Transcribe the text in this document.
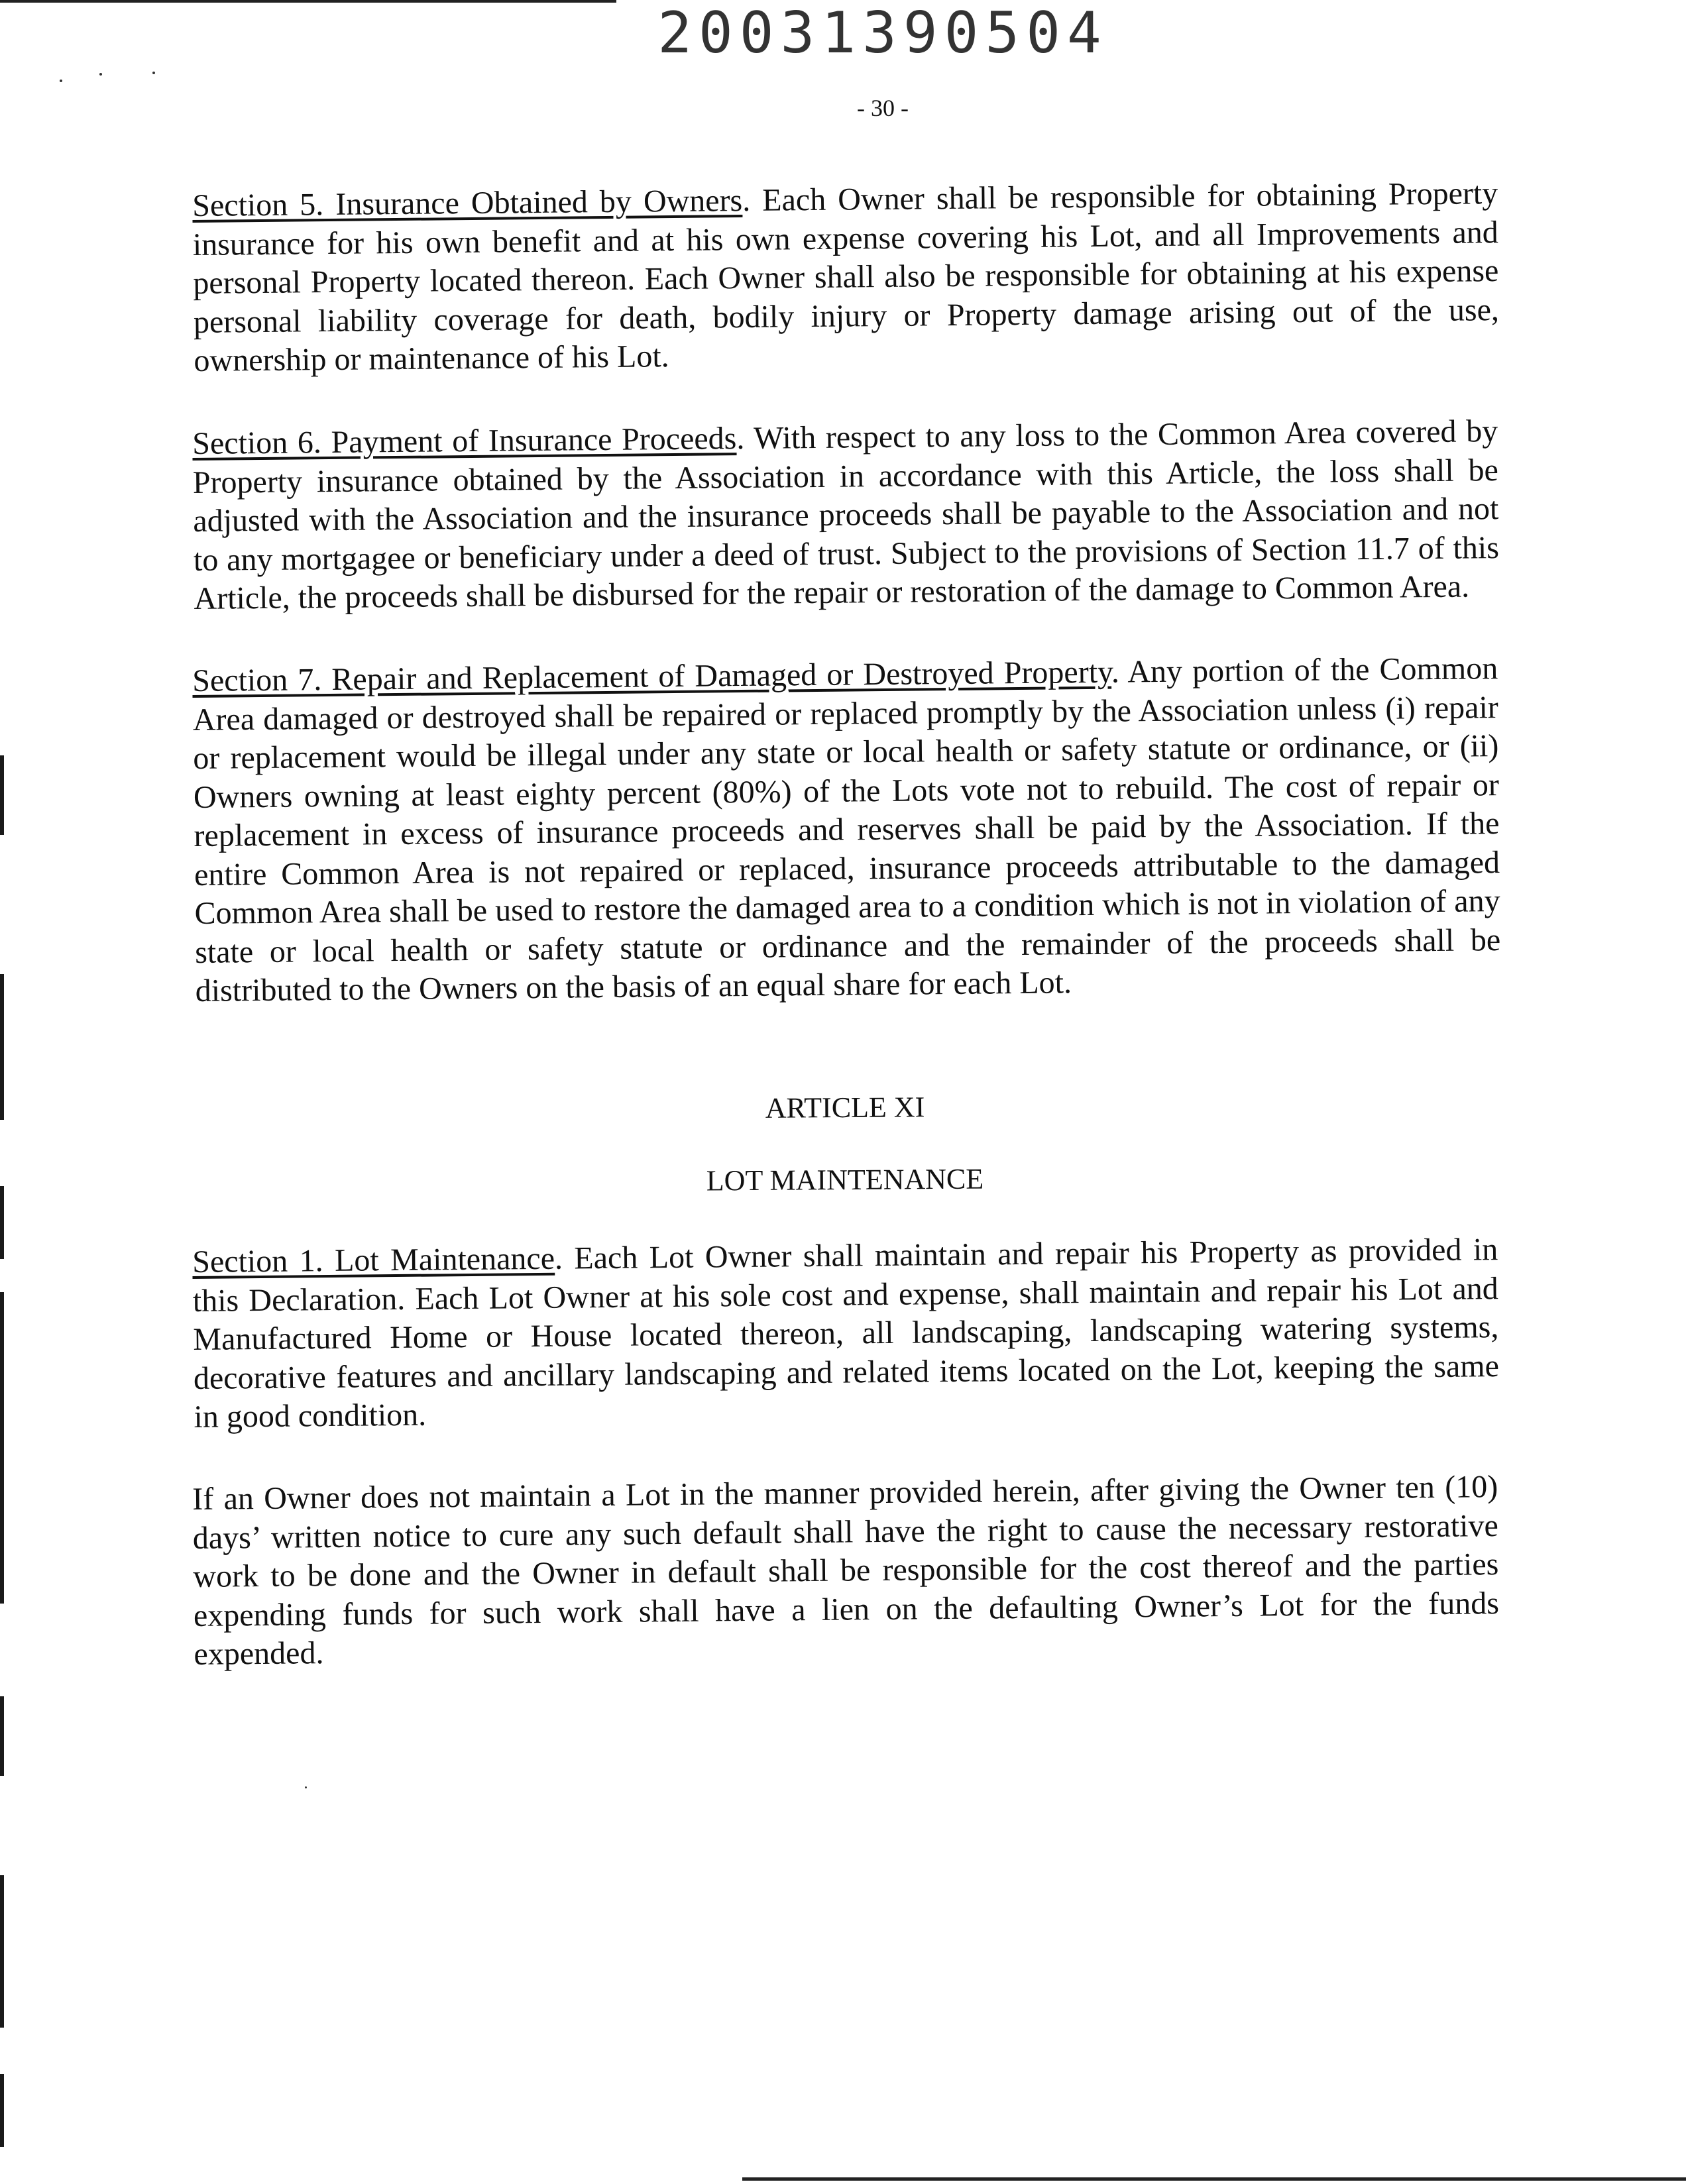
20031390504
- 30 -

Section 5. Insurance Obtained by Owners. Each Owner shall be responsible for obtaining Property insurance for his own benefit and at his own expense covering his Lot, and all Improvements and personal Property located thereon. Each Owner shall also be responsible for obtaining at his expense personal liability coverage for death, bodily injury or Property damage arising out of the use, ownership or maintenance of his Lot.

Section 6. Payment of Insurance Proceeds. With respect to any loss to the Common Area covered by Property insurance obtained by the Association in accordance with this Article, the loss shall be adjusted with the Association and the insurance proceeds shall be payable to the Association and not to any mortgagee or beneficiary under a deed of trust. Subject to the provisions of Section 11.7 of this Article, the proceeds shall be disbursed for the repair or restoration of the damage to Common Area.

Section 7. Repair and Replacement of Damaged or Destroyed Property. Any portion of the Common Area damaged or destroyed shall be repaired or replaced promptly by the Association unless (i) repair or replacement would be illegal under any state or local health or safety statute or ordinance, or (ii) Owners owning at least eighty percent (80%) of the Lots vote not to rebuild. The cost of repair or replacement in excess of insurance proceeds and reserves shall be paid by the Association. If the entire Common Area is not repaired or replaced, insurance proceeds attributable to the damaged Common Area shall be used to restore the damaged area to a condition which is not in violation of any state or local health or safety statute or ordinance and the remainder of the proceeds shall be distributed to the Owners on the basis of an equal share for each Lot.

ARTICLE XI
LOT MAINTENANCE

Section 1. Lot Maintenance. Each Lot Owner shall maintain and repair his Property as provided in this Declaration. Each Lot Owner at his sole cost and expense, shall maintain and repair his Lot and Manufactured Home or House located thereon, all landscaping, landscaping watering systems, decorative features and ancillary landscaping and related items located on the Lot, keeping the same in good condition.

If an Owner does not maintain a Lot in the manner provided herein, after giving the Owner ten (10) days’ written notice to cure any such default shall have the right to cause the necessary restorative work to be done and the Owner in default shall be responsible for the cost thereof and the parties expending funds for such work shall have a lien on the defaulting Owner’s Lot for the funds expended.
